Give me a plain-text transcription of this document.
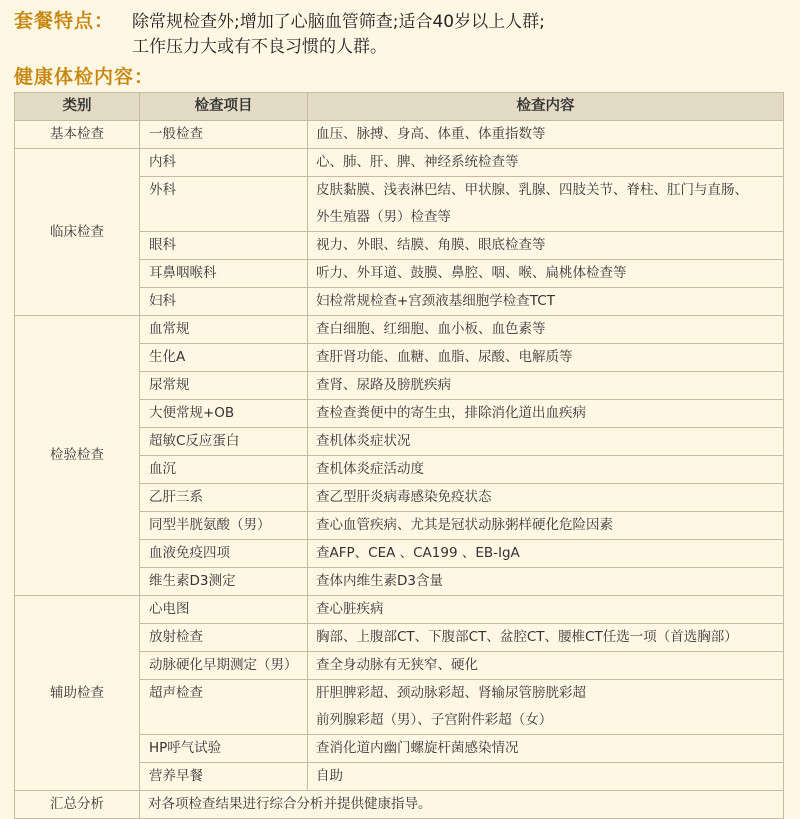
套餐特点：	除常规检查外;增加了心脑血管筛查;适合40岁以上人群;
工作压力大或有不良习惯的人群。
健康体检内容：
类别	检查项目	检查内容
基本检查	一般检查	血压、脉搏、身高、体重、体重指数等
临床检查	内科	心、肺、肝、脾、神经系统检查等
	外科	皮肤黏膜、浅表淋巴结、甲状腺、乳腺、四肢关节、脊柱、肛门与直肠、
		外生殖器（男）检查等
	眼科	视力、外眼、结膜、角膜、眼底检查等
	耳鼻咽喉科	听力、外耳道、鼓膜、鼻腔、咽、喉、扁桃体检查等
	妇科	妇检常规检查+宫颈液基细胞学检查TCT
检验检查	血常规	查白细胞、红细胞、血小板、血色素等
	生化A	查肝肾功能、血糖、血脂、尿酸、电解质等
	尿常规	查肾、尿路及膀胱疾病
	大便常规+OB	查检查粪便中的寄生虫，排除消化道出血疾病
	超敏C反应蛋白	查机体炎症状况
	血沉	查机体炎症活动度
	乙肝三系	查乙型肝炎病毒感染免疫状态
	同型半胱氨酸（男）	查心血管疾病、尤其是冠状动脉粥样硬化危险因素
	血液免疫四项	查AFP、CEA 、CA199 、EB-IgA
	维生素D3测定	查体内维生素D3含量
辅助检查	心电图	查心脏疾病
	放射检查	胸部、上腹部CT、下腹部CT、盆腔CT、腰椎CT任选一项（首选胸部）
	动脉硬化早期测定（男）	查全身动脉有无狭窄、硬化
	超声检查	肝胆脾彩超、颈动脉彩超、肾输尿管膀胱彩超
		前列腺彩超（男）、子宫附件彩超（女）
	HP呼气试验	查消化道内幽门螺旋杆菌感染情况
	营养早餐	自助
汇总分析	对各项检查结果进行综合分析并提供健康指导。	
